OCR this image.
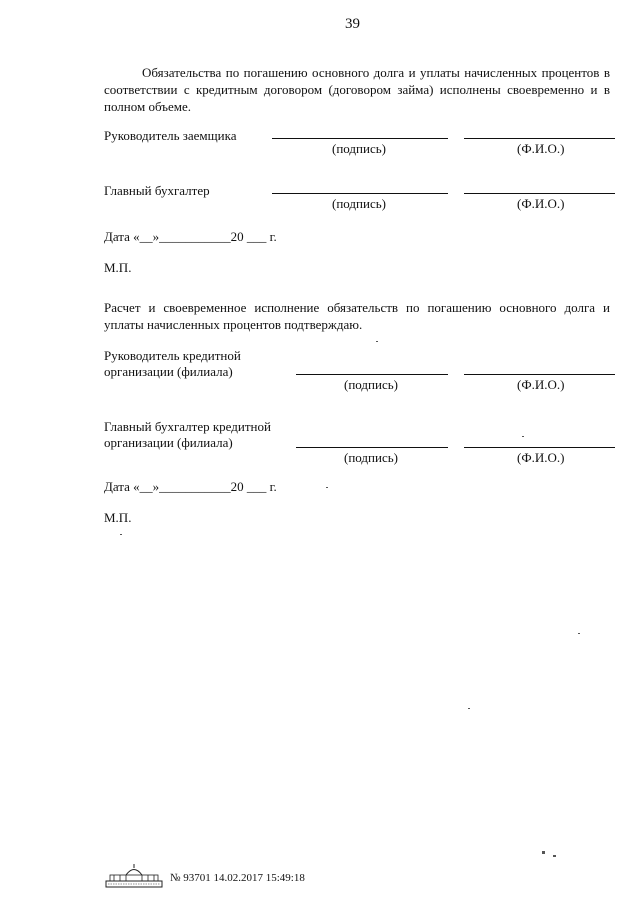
39
Обязательства по погашению основного долга и уплаты начисленных процентов в соответствии с кредитным договором (договором займа) исполнены своевременно и в полном объеме.
Руководитель заемщика
(подпись)	(Ф.И.О.)
Главный бухгалтер
(подпись)	(Ф.И.О.)
Дата «__»___________20 ___ г.
М.П.
Расчет и своевременное исполнение обязательств по погашению основного долга и уплаты начисленных процентов подтверждаю.
Руководитель кредитной
организации (филиала)
(подпись)	(Ф.И.О.)
Главный бухгалтер кредитной
организации (филиала)
(подпись)	(Ф.И.О.)
Дата «__»___________20 ___ г.
М.П.
№ 93701 14.02.2017 15:49:18
